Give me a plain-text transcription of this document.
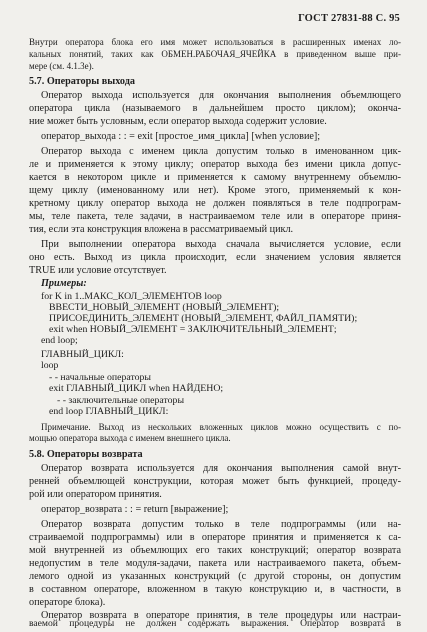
ГОСТ 27831-88 С. 95
Внутри оператора блока его имя может использоваться в расширенных именах ло-
кальных понятий, таких как ОБМЕН.РАБОЧАЯ_ЯЧЕЙКА в приведенном выше при-
мере (см. 4.1.3е).
5.7. Операторы выхода
Оператор выхода используется для окончания выполнения объемлющего
оператора цикла (называемого в дальнейшем просто циклом); оконча-
ние может быть условным, если оператор выхода содержит условие.
оператор_выхода : : = exit [простое_имя_цикла] [when условие];
Оператор выхода с именем цикла допустим только в именованном цик-
ле и применяется к этому циклу; оператор выхода без имени цикла допус-
кается в некотором цикле и применяется к самому внутреннему объемлю-
щему циклу (именованному или нет). Кроме этого, применяемый к кон-
кретному циклу оператор выхода не должен появляться в теле подпрограм-
мы, теле пакета, теле задачи, в настраиваемом теле или в операторе приня-
тия, если эта конструкция вложена в рассматриваемый цикл.
При выполнении оператора выхода сначала вычисляется условие, если
оно есть. Выход из цикла происходит, если значением условия является
TRUE или условие отсутствует.
Примеры:
for K in 1..МАКС_КОЛ_ЭЛЕМЕНТОВ loop
ВВЕСТИ_НОВЫЙ_ЭЛЕМЕНТ (НОВЫЙ_ЭЛЕМЕНТ);
ПРИСОЕДИНИТЬ_ЭЛЕМЕНТ (НОВЫЙ_ЭЛЕМЕНТ, ФАЙЛ_ПАМЯТИ);
exit when НОВЫЙ_ЭЛЕМЕНТ = ЗАКЛЮЧИТЕЛЬНЫЙ_ЭЛЕМЕНТ;
end loop;
ГЛАВНЫЙ_ЦИКЛ:
loop
- - начальные операторы
exit ГЛАВНЫЙ_ЦИКЛ when НАЙДЕНО;
- - заключительные операторы
end loop ГЛАВНЫЙ_ЦИКЛ:
Примечание. Выход из нескольких вложенных циклов можно осуществить с по-
мощью оператора выхода с именем внешнего цикла.
5.8. Операторы возврата
Оператор возврата используется для окончания выполнения самой внут-
ренней объемлющей конструкции, которая может быть функцией, процеду-
рой или оператором принятия.
оператор_возврата : : = return [выражение];
Оператор возврата допустим только в теле подпрограммы (или на-
страиваемой подпрограммы) или в операторе принятия и применяется к са-
мой внутренней из объемлющих его таких конструкций; оператор возврата
недопустим в теле модуля-задачи, пакета или настраиваемого пакета, объем-
лемого одной из указанных конструкций (с другой стороны, он допустим
в составном операторе, вложенном в такую конструкцию и, в частности, в
операторе блока).
Оператор возврата в операторе принятия, в теле процедуры или настраи-
ваемой процедуры не должен содержать выражения. Оператор возврата в
